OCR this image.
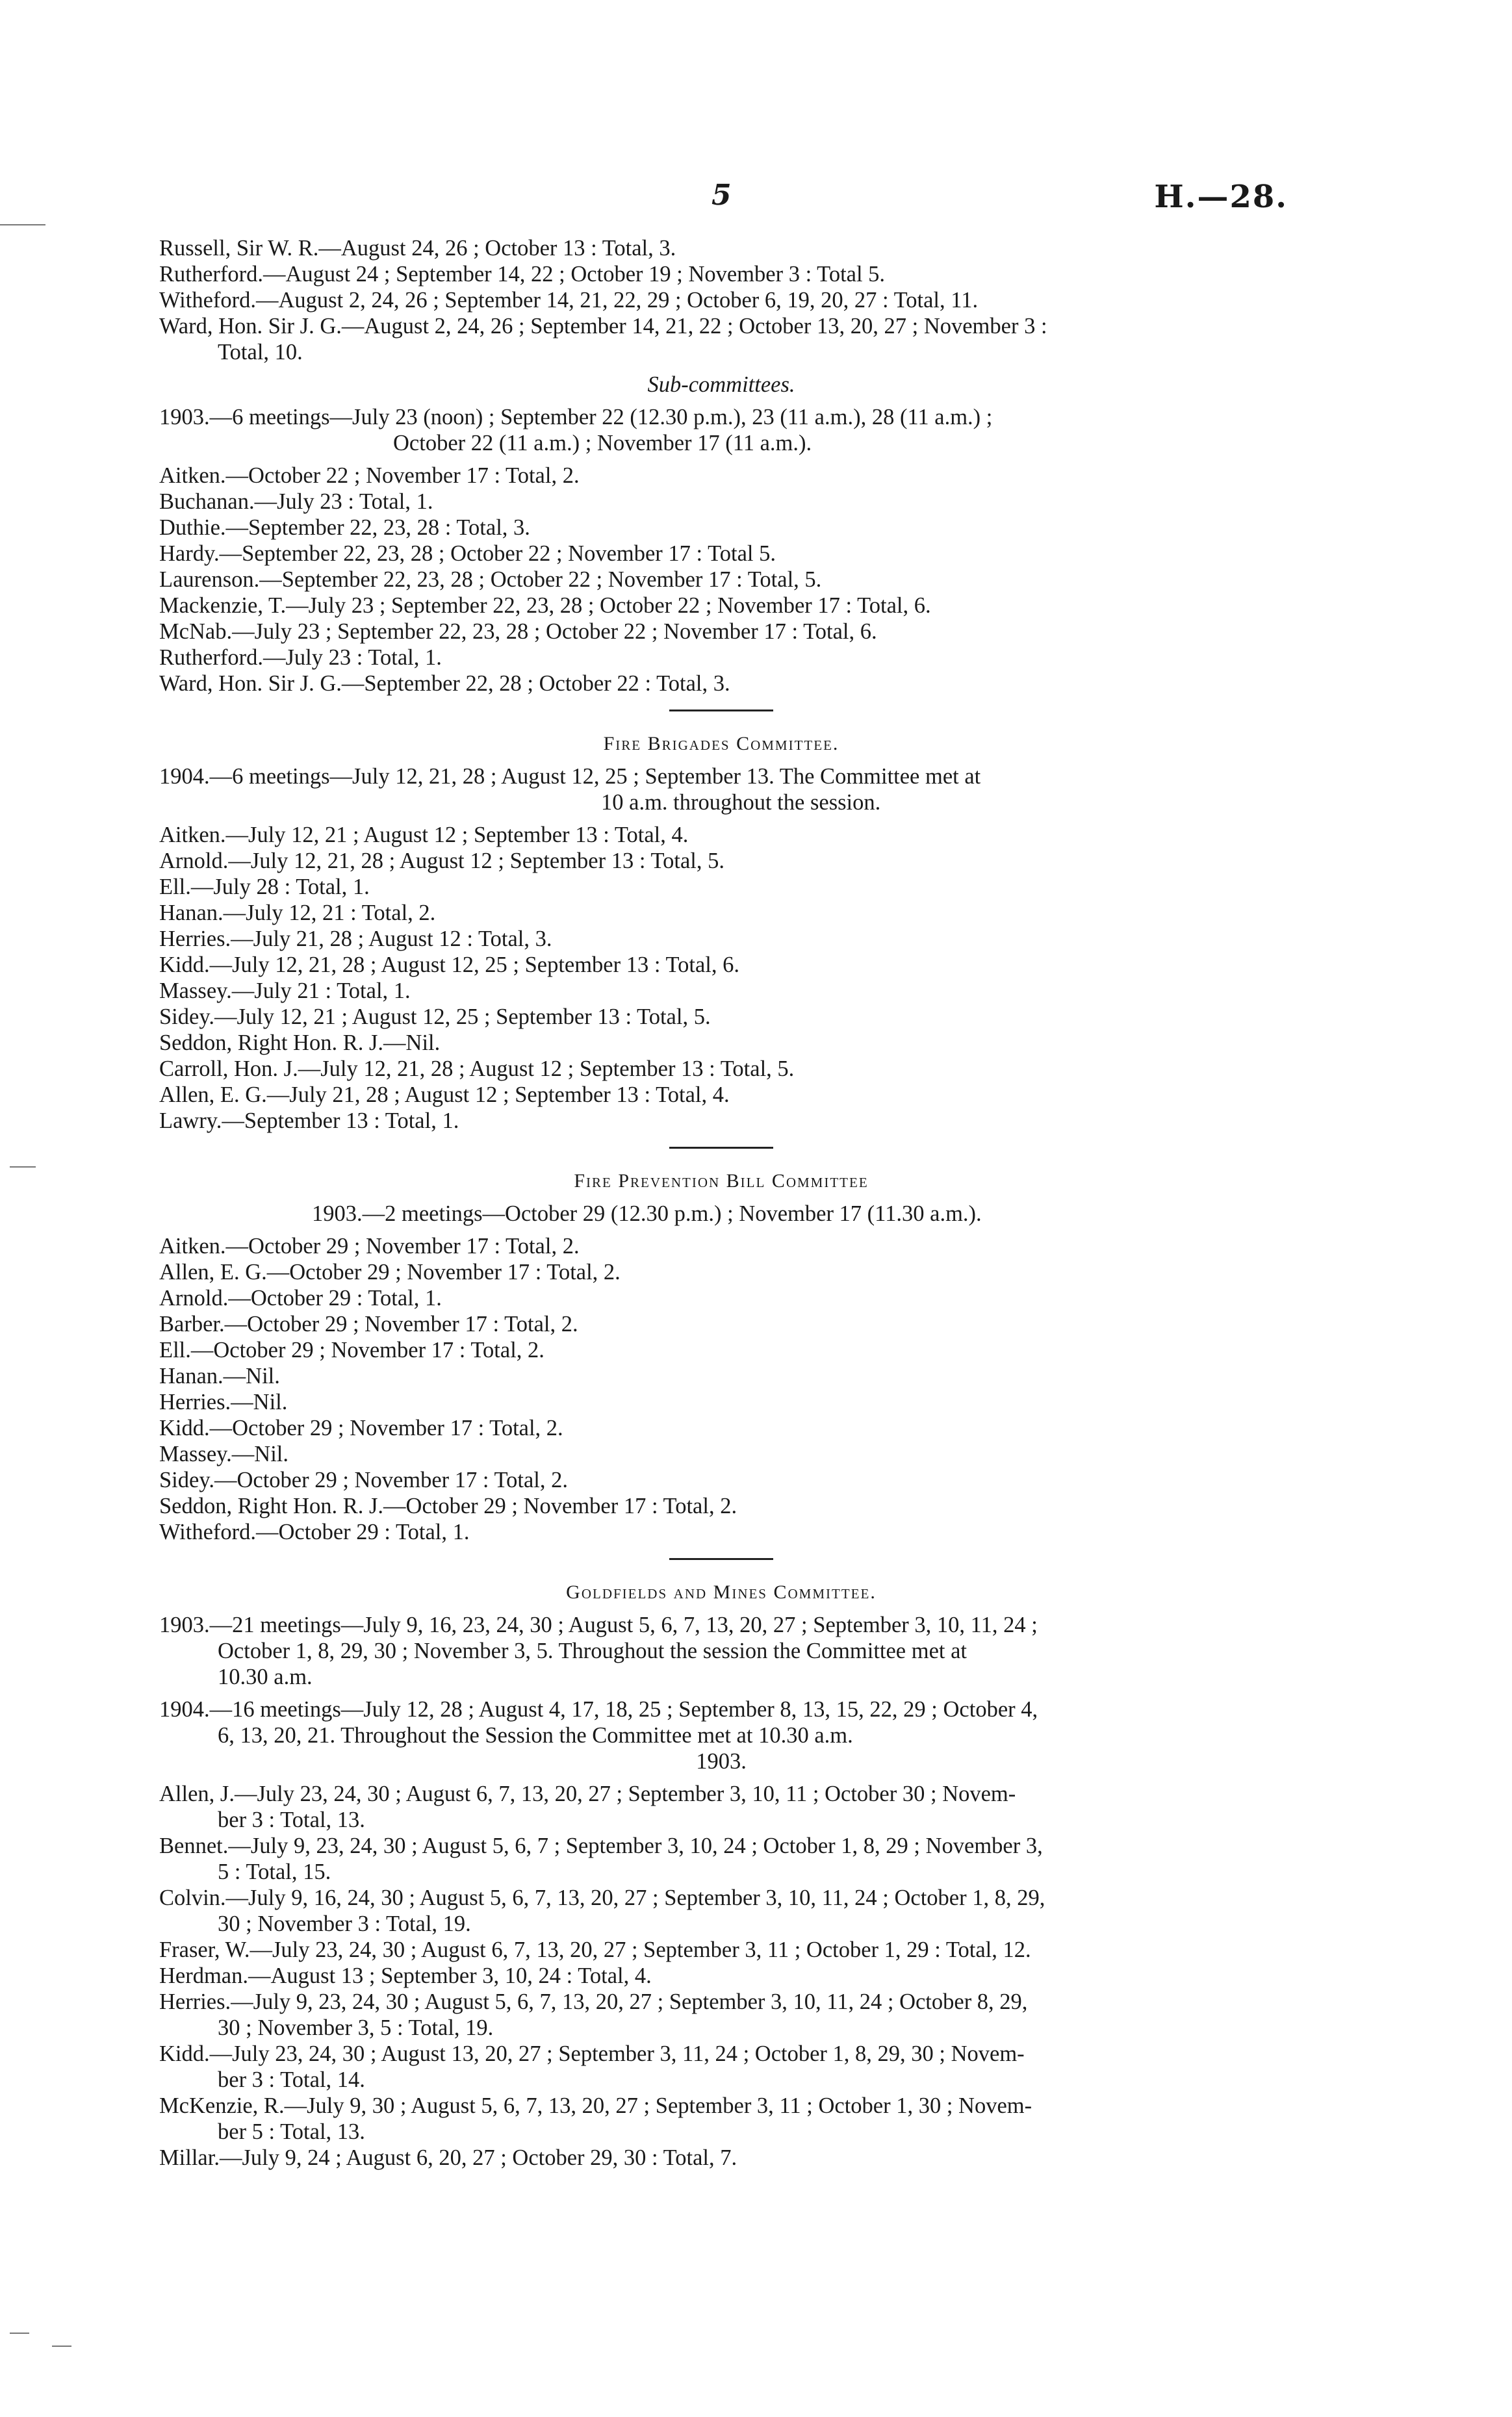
5	H.—28.
Russell, Sir W. R.—August 24, 26 ; October 13 : Total, 3.
Rutherford.—August 24 ; September 14, 22 ; October 19 ; November 3 : Total 5.
Witheford.—August 2, 24, 26 ; September 14, 21, 22, 29 ; October 6, 19, 20, 27 : Total, 11.
Ward, Hon. Sir J. G.—August 2, 24, 26 ; September 14, 21, 22 ; October 13, 20, 27 ; November 3 :
Total, 10.
Sub-committees.
1903.—6 meetings—July 23 (noon) ; September 22 (12.30 p.m.), 23 (11 a.m.), 28 (11 a.m.) ;
October 22 (11 a.m.) ; November 17 (11 a.m.).
Aitken.—October 22 ; November 17 : Total, 2.
Buchanan.—July 23 : Total, 1.
Duthie.—September 22, 23, 28 : Total, 3.
Hardy.—September 22, 23, 28 ; October 22 ; November 17 : Total 5.
Laurenson.—September 22, 23, 28 ; October 22 ; November 17 : Total, 5.
Mackenzie, T.—July 23 ; September 22, 23, 28 ; October 22 ; November 17 : Total, 6.
McNab.—July 23 ; September 22, 23, 28 ; October 22 ; November 17 : Total, 6.
Rutherford.—July 23 : Total, 1.
Ward, Hon. Sir J. G.—September 22, 28 ; October 22 : Total, 3.
Fire Brigades Committee.
1904.—6 meetings—July 12, 21, 28 ; August 12, 25 ; September 13. The Committee met at
10 a.m. throughout the session.
Aitken.—July 12, 21 ; August 12 ; September 13 : Total, 4.
Arnold.—July 12, 21, 28 ; August 12 ; September 13 : Total, 5.
Ell.—July 28 : Total, 1.
Hanan.—July 12, 21 : Total, 2.
Herries.—July 21, 28 ; August 12 : Total, 3.
Kidd.—July 12, 21, 28 ; August 12, 25 ; September 13 : Total, 6.
Massey.—July 21 : Total, 1.
Sidey.—July 12, 21 ; August 12, 25 ; September 13 : Total, 5.
Seddon, Right Hon. R. J.—Nil.
Carroll, Hon. J.—July 12, 21, 28 ; August 12 ; September 13 : Total, 5.
Allen, E. G.—July 21, 28 ; August 12 ; September 13 : Total, 4.
Lawry.—September 13 : Total, 1.
Fire Prevention Bill Committee
1903.—2 meetings—October 29 (12.30 p.m.) ; November 17 (11.30 a.m.).
Aitken.—October 29 ; November 17 : Total, 2.
Allen, E. G.—October 29 ; November 17 : Total, 2.
Arnold.—October 29 : Total, 1.
Barber.—October 29 ; November 17 : Total, 2.
Ell.—October 29 ; November 17 : Total, 2.
Hanan.—Nil.
Herries.—Nil.
Kidd.—October 29 ; November 17 : Total, 2.
Massey.—Nil.
Sidey.—October 29 ; November 17 : Total, 2.
Seddon, Right Hon. R. J.—October 29 ; November 17 : Total, 2.
Witheford.—October 29 : Total, 1.
Goldfields and Mines Committee.
1903.—21 meetings—July 9, 16, 23, 24, 30 ; August 5, 6, 7, 13, 20, 27 ; September 3, 10, 11, 24 ;
October 1, 8, 29, 30 ; November 3, 5. Throughout the session the Committee met at
10.30 a.m.
1904.—16 meetings—July 12, 28 ; August 4, 17, 18, 25 ; September 8, 13, 15, 22, 29 ; October 4,
6, 13, 20, 21. Throughout the Session the Committee met at 10.30 a.m.
1903.
Allen, J.—July 23, 24, 30 ; August 6, 7, 13, 20, 27 ; September 3, 10, 11 ; October 30 ; Novem-
ber 3 : Total, 13.
Bennet.—July 9, 23, 24, 30 ; August 5, 6, 7 ; September 3, 10, 24 ; October 1, 8, 29 ; November 3,
5 : Total, 15.
Colvin.—July 9, 16, 24, 30 ; August 5, 6, 7, 13, 20, 27 ; September 3, 10, 11, 24 ; October 1, 8, 29,
30 ; November 3 : Total, 19.
Fraser, W.—July 23, 24, 30 ; August 6, 7, 13, 20, 27 ; September 3, 11 ; October 1, 29 : Total, 12.
Herdman.—August 13 ; September 3, 10, 24 : Total, 4.
Herries.—July 9, 23, 24, 30 ; August 5, 6, 7, 13, 20, 27 ; September 3, 10, 11, 24 ; October 8, 29,
30 ; November 3, 5 : Total, 19.
Kidd.—July 23, 24, 30 ; August 13, 20, 27 ; September 3, 11, 24 ; October 1, 8, 29, 30 ; Novem-
ber 3 : Total, 14.
McKenzie, R.—July 9, 30 ; August 5, 6, 7, 13, 20, 27 ; September 3, 11 ; October 1, 30 ; Novem-
ber 5 : Total, 13.
Millar.—July 9, 24 ; August 6, 20, 27 ; October 29, 30 : Total, 7.
